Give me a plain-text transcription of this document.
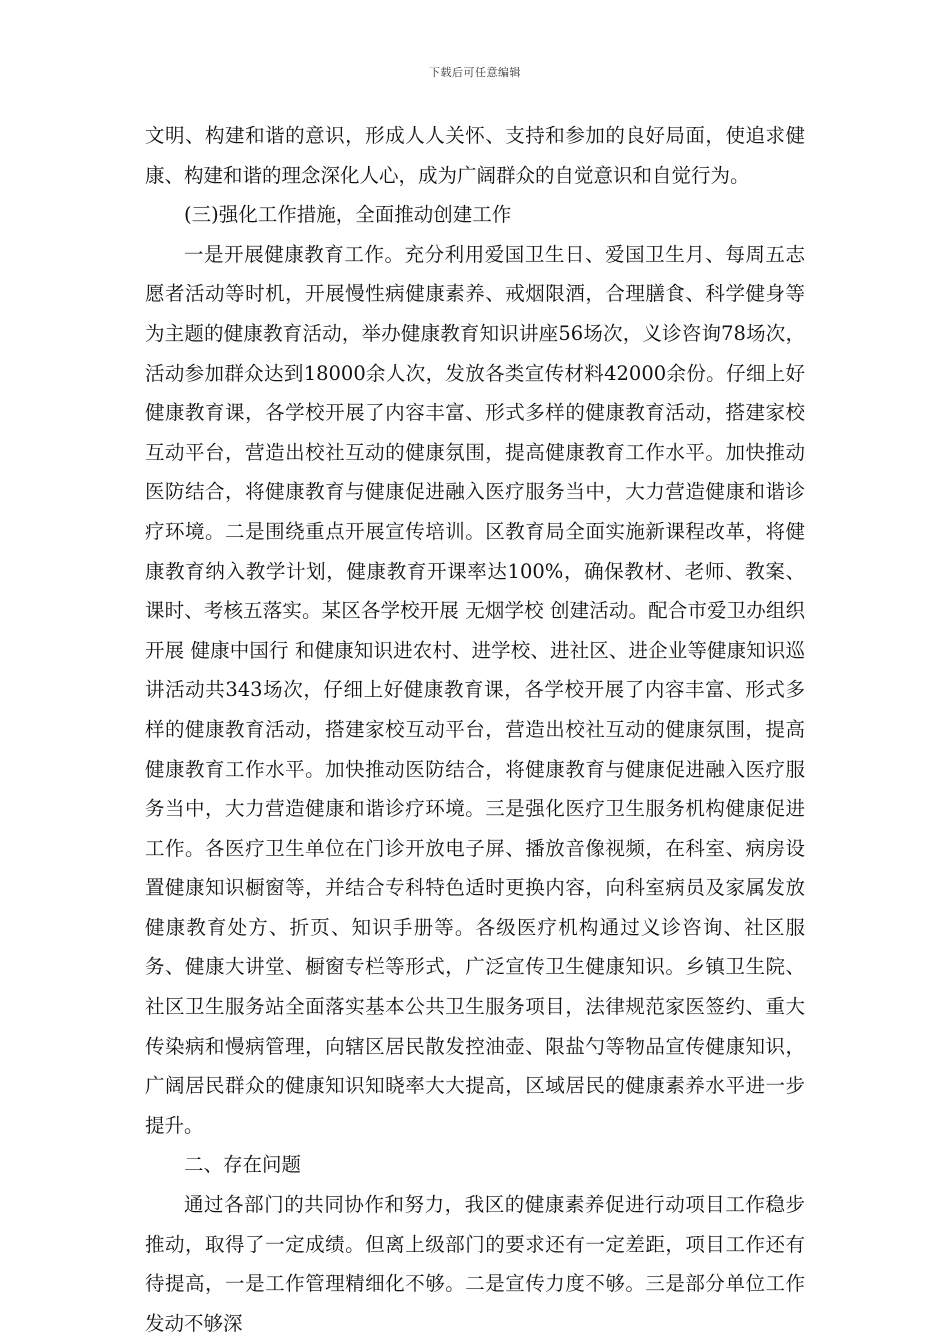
下载后可任意编辑

文明、构建和谐的意识，形成人人关怀、支持和参加的良好局面，使追求健康、构建和谐的理念深化人心，成为广阔群众的自觉意识和自觉行为。

(三)强化工作措施，全面推动创建工作

一是开展健康教育工作。充分利用爱国卫生日、爱国卫生月、每周五志愿者活动等时机，开展慢性病健康素养、戒烟限酒，合理膳食、科学健身等为主题的健康教育活动，举办健康教育知识讲座56场次，义诊咨询78场次，活动参加群众达到18000余人次，发放各类宣传材料42000余份。仔细上好健康教育课，各学校开展了内容丰富、形式多样的健康教育活动，搭建家校互动平台，营造出校社互动的健康氛围，提高健康教育工作水平。加快推动医防结合，将健康教育与健康促进融入医疗服务当中，大力营造健康和谐诊疗环境。二是围绕重点开展宣传培训。区教育局全面实施新课程改革，将健康教育纳入教学计划，健康教育开课率达100%，确保教材、老师、教案、课时、考核五落实。某区各学校开展 无烟学校 创建活动。配合市爱卫办组织开展 健康中国行 和健康知识进农村、进学校、进社区、进企业等健康知识巡讲活动共343场次，仔细上好健康教育课，各学校开展了内容丰富、形式多样的健康教育活动，搭建家校互动平台，营造出校社互动的健康氛围，提高健康教育工作水平。加快推动医防结合，将健康教育与健康促进融入医疗服务当中，大力营造健康和谐诊疗环境。三是强化医疗卫生服务机构健康促进工作。各医疗卫生单位在门诊开放电子屏、播放音像视频，在科室、病房设置健康知识橱窗等，并结合专科特色适时更换内容，向科室病员及家属发放健康教育处方、折页、知识手册等。各级医疗机构通过义诊咨询、社区服务、健康大讲堂、橱窗专栏等形式，广泛宣传卫生健康知识。乡镇卫生院、社区卫生服务站全面落实基本公共卫生服务项目，法律规范家医签约、重大传染病和慢病管理，向辖区居民散发控油壶、限盐勺等物品宣传健康知识，广阔居民群众的健康知识知晓率大大提高，区域居民的健康素养水平进一步提升。

二、存在问题

通过各部门的共同协作和努力，我区的健康素养促进行动项目工作稳步推动，取得了一定成绩。但离上级部门的要求还有一定差距，项目工作还有待提高，一是工作管理精细化不够。二是宣传力度不够。三是部分单位工作发动不够深
